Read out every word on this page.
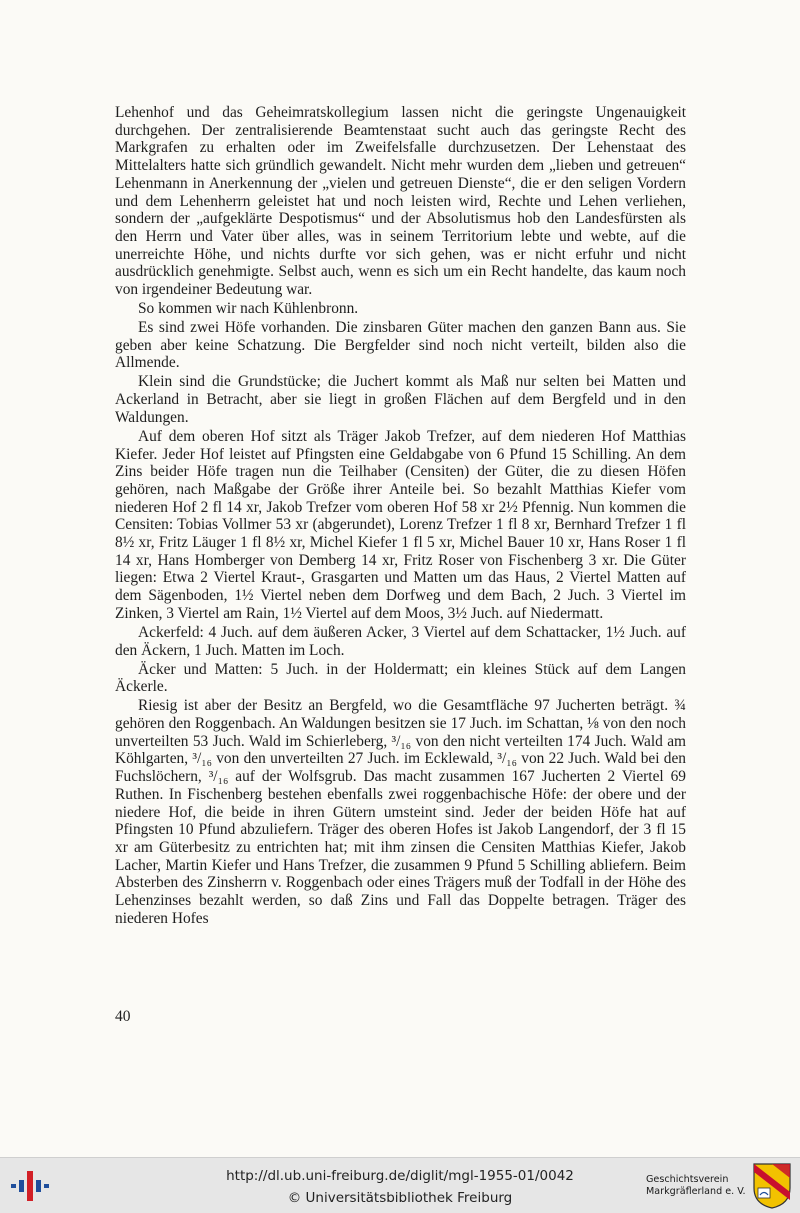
Lehenhof und das Geheimratskollegium lassen nicht die geringste Ungenauigkeit durchgehen. Der zentralisierende Beamtenstaat sucht auch das geringste Recht des Markgrafen zu erhalten oder im Zweifelsfalle durchzusetzen. Der Lehenstaat des Mittelalters hatte sich gründlich gewandelt. Nicht mehr wurden dem „lieben und getreuen“ Lehenmann in Anerkennung der „vielen und getreuen Dienste“, die er den seligen Vordern und dem Lehenherrn geleistet hat und noch leisten wird, Rechte und Lehen verliehen, sondern der „aufgeklärte Despotismus“ und der Absolutismus hob den Landesfürsten als den Herrn und Vater über alles, was in seinem Territorium lebte und webte, auf die unerreichte Höhe, und nichts durfte vor sich gehen, was er nicht erfuhr und nicht ausdrücklich genehmigte. Selbst auch, wenn es sich um ein Recht handelte, das kaum noch von irgendeiner Bedeutung war.

So kommen wir nach Kühlenbronn.

Es sind zwei Höfe vorhanden. Die zinsbaren Güter machen den ganzen Bann aus. Sie geben aber keine Schatzung. Die Bergfelder sind noch nicht verteilt, bilden also die Allmende.

Klein sind die Grundstücke; die Juchert kommt als Maß nur selten bei Matten und Ackerland in Betracht, aber sie liegt in großen Flächen auf dem Bergfeld und in den Waldungen.

Auf dem oberen Hof sitzt als Träger Jakob Trefzer, auf dem niederen Hof Matthias Kiefer. Jeder Hof leistet auf Pfingsten eine Geldabgabe von 6 Pfund 15 Schilling. An dem Zins beider Höfe tragen nun die Teilhaber (Censiten) der Güter, die zu diesen Höfen gehören, nach Maßgabe der Größe ihrer Anteile bei. So bezahlt Matthias Kiefer vom niederen Hof 2 fl 14 xr, Jakob Trefzer vom oberen Hof 58 xr 2½ Pfennig. Nun kommen die Censiten: Tobias Vollmer 53 xr (abgerundet), Lorenz Trefzer 1 fl 8 xr, Bernhard Trefzer 1 fl 8½ xr, Fritz Läuger 1 fl 8½ xr, Michel Kiefer 1 fl 5 xr, Michel Bauer 10 xr, Hans Roser 1 fl 14 xr, Hans Homberger von Demberg 14 xr, Fritz Roser von Fischenberg 3 xr. Die Güter liegen: Etwa 2 Viertel Kraut-, Grasgarten und Matten um das Haus, 2 Viertel Matten auf dem Sägenboden, 1½ Viertel neben dem Dorfweg und dem Bach, 2 Juch. 3 Viertel im Zinken, 3 Viertel am Rain, 1½ Viertel auf dem Moos, 3½ Juch. auf Niedermatt.

Ackerfeld: 4 Juch. auf dem äußeren Acker, 3 Viertel auf dem Schattacker, 1½ Juch. auf den Äckern, 1 Juch. Matten im Loch.

Äcker und Matten: 5 Juch. in der Holdermatt; ein kleines Stück auf dem Langen Äckerle.

Riesig ist aber der Besitz an Bergfeld, wo die Gesamtfläche 97 Jucherten beträgt. ¾ gehören den Roggenbach. An Waldungen besitzen sie 17 Juch. im Schattan, ⅛ von den noch unverteilten 53 Juch. Wald im Schierleberg, ³/₁₆ von den nicht verteilten 174 Juch. Wald am Köhlgarten, ³/₁₆ von den unverteilten 27 Juch. im Ecklewald, ³/₁₆ von 22 Juch. Wald bei den Fuchslöchern, ³/₁₆ auf der Wolfsgrub. Das macht zusammen 167 Jucherten 2 Viertel 69 Ruthen. In Fischenberg bestehen ebenfalls zwei roggenbachische Höfe: der obere und der niedere Hof, die beide in ihren Gütern umsteint sind. Jeder der beiden Höfe hat auf Pfingsten 10 Pfund abzuliefern. Träger des oberen Hofes ist Jakob Langendorf, der 3 fl 15 xr am Güterbesitz zu entrichten hat; mit ihm zinsen die Censiten Matthias Kiefer, Jakob Lacher, Martin Kiefer und Hans Trefzer, die zusammen 9 Pfund 5 Schilling abliefern. Beim Absterben des Zinsherrn v. Roggenbach oder eines Trägers muß der Todfall in der Höhe des Lehenzinses bezahlt werden, so daß Zins und Fall das Doppelte betragen. Träger des niederen Hofes

40
http://dl.ub.uni-freiburg.de/diglit/mgl-1955-01/0042
© Universitätsbibliothek Freiburg
Geschichtsverein
Markgräflerland e. V.
